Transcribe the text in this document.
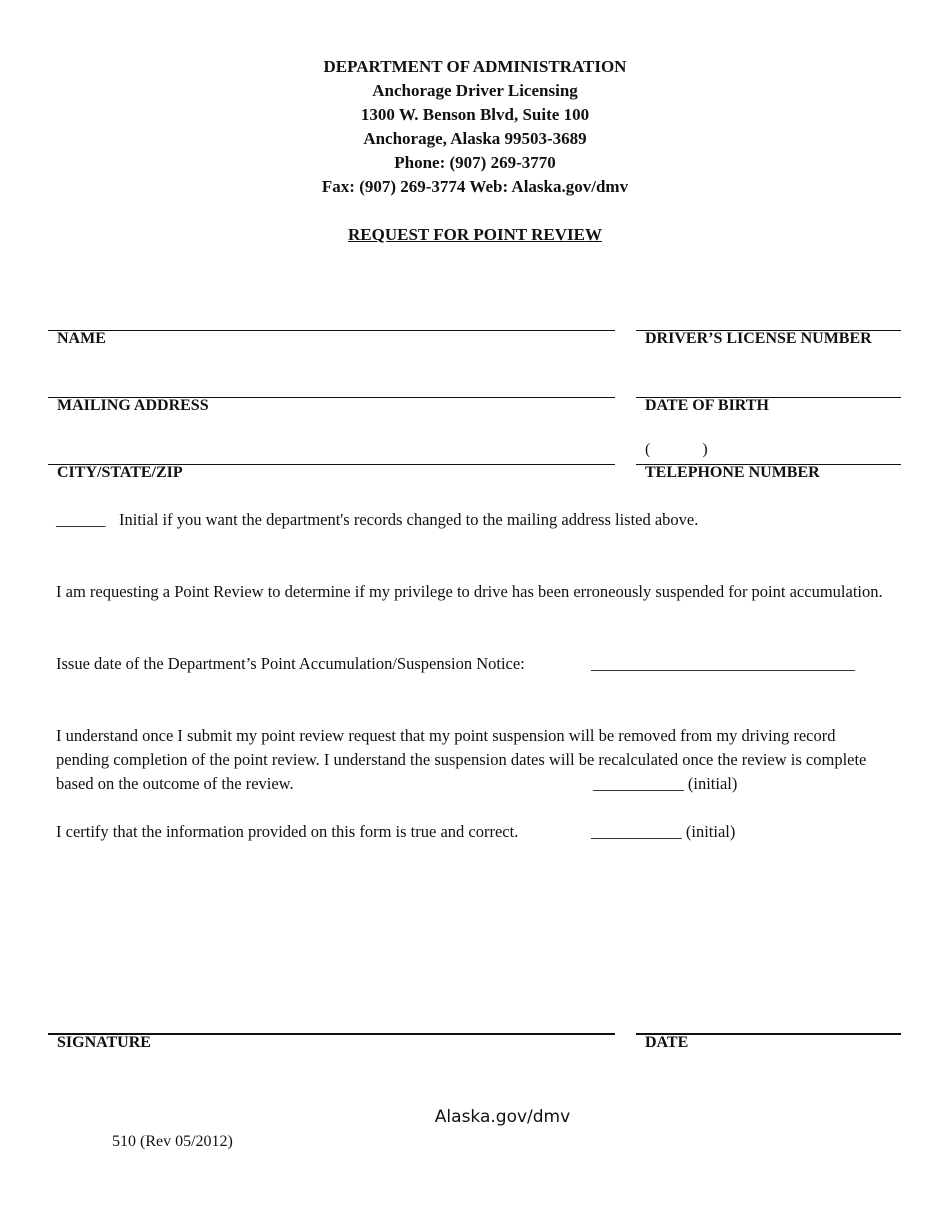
DEPARTMENT OF ADMINISTRATION
Anchorage Driver Licensing
1300 W. Benson Blvd, Suite 100
Anchorage, Alaska 99503-3689
Phone: (907) 269-3770
Fax: (907) 269-3774 Web: Alaska.gov/dmv
REQUEST FOR POINT REVIEW
NAME	DRIVER’S LICENSE NUMBER
MAILING ADDRESS	DATE OF BIRTH
(             )
CITY/STATE/ZIP	TELEPHONE NUMBER
______ Initial if you want the department's records changed to the mailing address listed above.
I am requesting a Point Review to determine if my privilege to drive has been erroneously suspended for point accumulation.
Issue date of the Department’s Point Accumulation/Suspension Notice:	________________________________
I understand once I submit my point review request that my point suspension will be removed from my driving record pending completion of the point review. I understand the suspension dates will be recalculated once the review is complete based on the outcome of the review.	___________ (initial)
I certify that the information provided on this form is true and correct.	___________ (initial)
SIGNATURE	DATE
Alaska.gov/dmv
510 (Rev 05/2012)
